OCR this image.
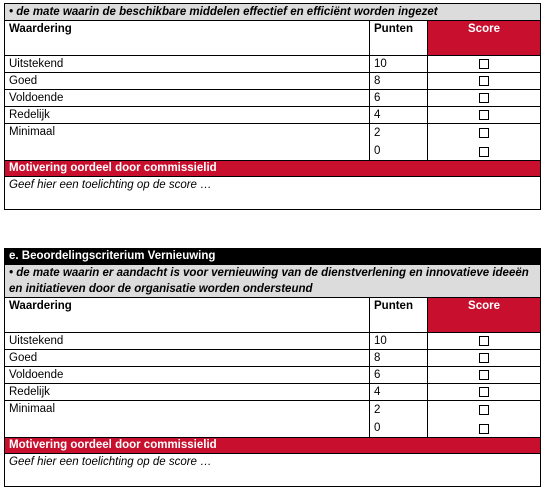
• de mate waarin de beschikbare middelen effectief en efficiënt worden ingezet		
Waardering	Punten	Score
Uitstekend	10	
Goed	8	
Voldoende	6	
Redelijk	4	
Minimaal	2
0	

Motivering oordeel door commissielid		
Geef hier een toelichting op de score …		
e. Beoordelingscriterium Vernieuwing		
• de mate waarin er aandacht is voor vernieuwing van de dienstverlening en innovatieve ideeën en initiatieven door de organisatie worden ondersteund		
Waardering	Punten	Score
Uitstekend	10	
Goed	8	
Voldoende	6	
Redelijk	4	
Minimaal	2
0	

Motivering oordeel door commissielid		
Geef hier een toelichting op de score …		
